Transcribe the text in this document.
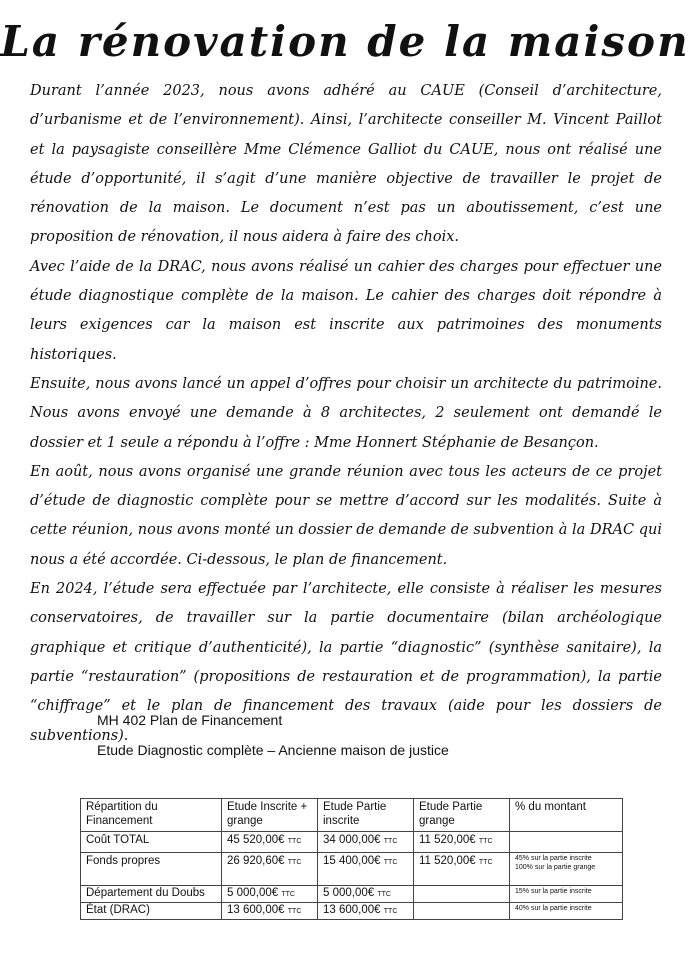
La rénovation de la maison

Durant l’année 2023, nous avons adhéré au CAUE (Conseil d’architecture, d’urbanisme et de l’environnement). Ainsi, l’architecte conseiller M. Vincent Paillot et la paysagiste conseillère Mme Clémence Galliot du CAUE, nous ont réalisé une étude d’opportunité, il s’agit d’une manière objective de travailler le projet de rénovation de la maison. Le document n’est pas un aboutissement, c’est une proposition de rénovation, il nous aidera à faire des choix.

Avec l’aide de la DRAC, nous avons réalisé un cahier des charges pour effectuer une étude diagnostique complète de la maison. Le cahier des charges doit répondre à leurs exigences car la maison est inscrite aux patrimoines des monuments historiques.

Ensuite, nous avons lancé un appel d’offres pour choisir un architecte du patrimoine. Nous avons envoyé une demande à 8 architectes, 2 seulement ont demandé le dossier et 1 seule a répondu à l’offre : Mme Honnert Stéphanie de Besançon.

En août, nous avons organisé une grande réunion avec tous les acteurs de ce projet d’étude de diagnostic complète pour se mettre d’accord sur les modalités. Suite à cette réunion, nous avons monté un dossier de demande de subvention à la DRAC qui nous a été accordée. Ci-dessous, le plan de financement.

En 2024, l’étude sera effectuée par l’architecte, elle consiste à réaliser les mesures conservatoires, de travailler sur la partie documentaire (bilan archéologique graphique et critique d’authenticité), la partie “diagnostic” (synthèse sanitaire), la partie “restauration” (propositions de restauration et de programmation), la partie “chiffrage” et le plan de financement des travaux (aide pour les dossiers de subventions).

MH 402 Plan de Financement

Etude Diagnostic complète – Ancienne maison de justice

Répartition du Financement	Etude Inscrite + grange	Etude Partie inscrite	Etude Partie grange	% du montant
Coût TOTAL	45 520,00€ TTC	34 000,00€ TTC	11 520,00€ TTC	
Fonds propres	26 920,60€ TTC	15 400,00€ TTC	11 520,00€ TTC	45% sur la partie inscrite
100% sur la partie grange

Département du Doubs	5 000,00€ TTC	5 000,00€ TTC		15% sur la partie inscrite

État (DRAC)	13 600,00€ TTC	13 600,00€ TTC		40% sur la partie inscrite
